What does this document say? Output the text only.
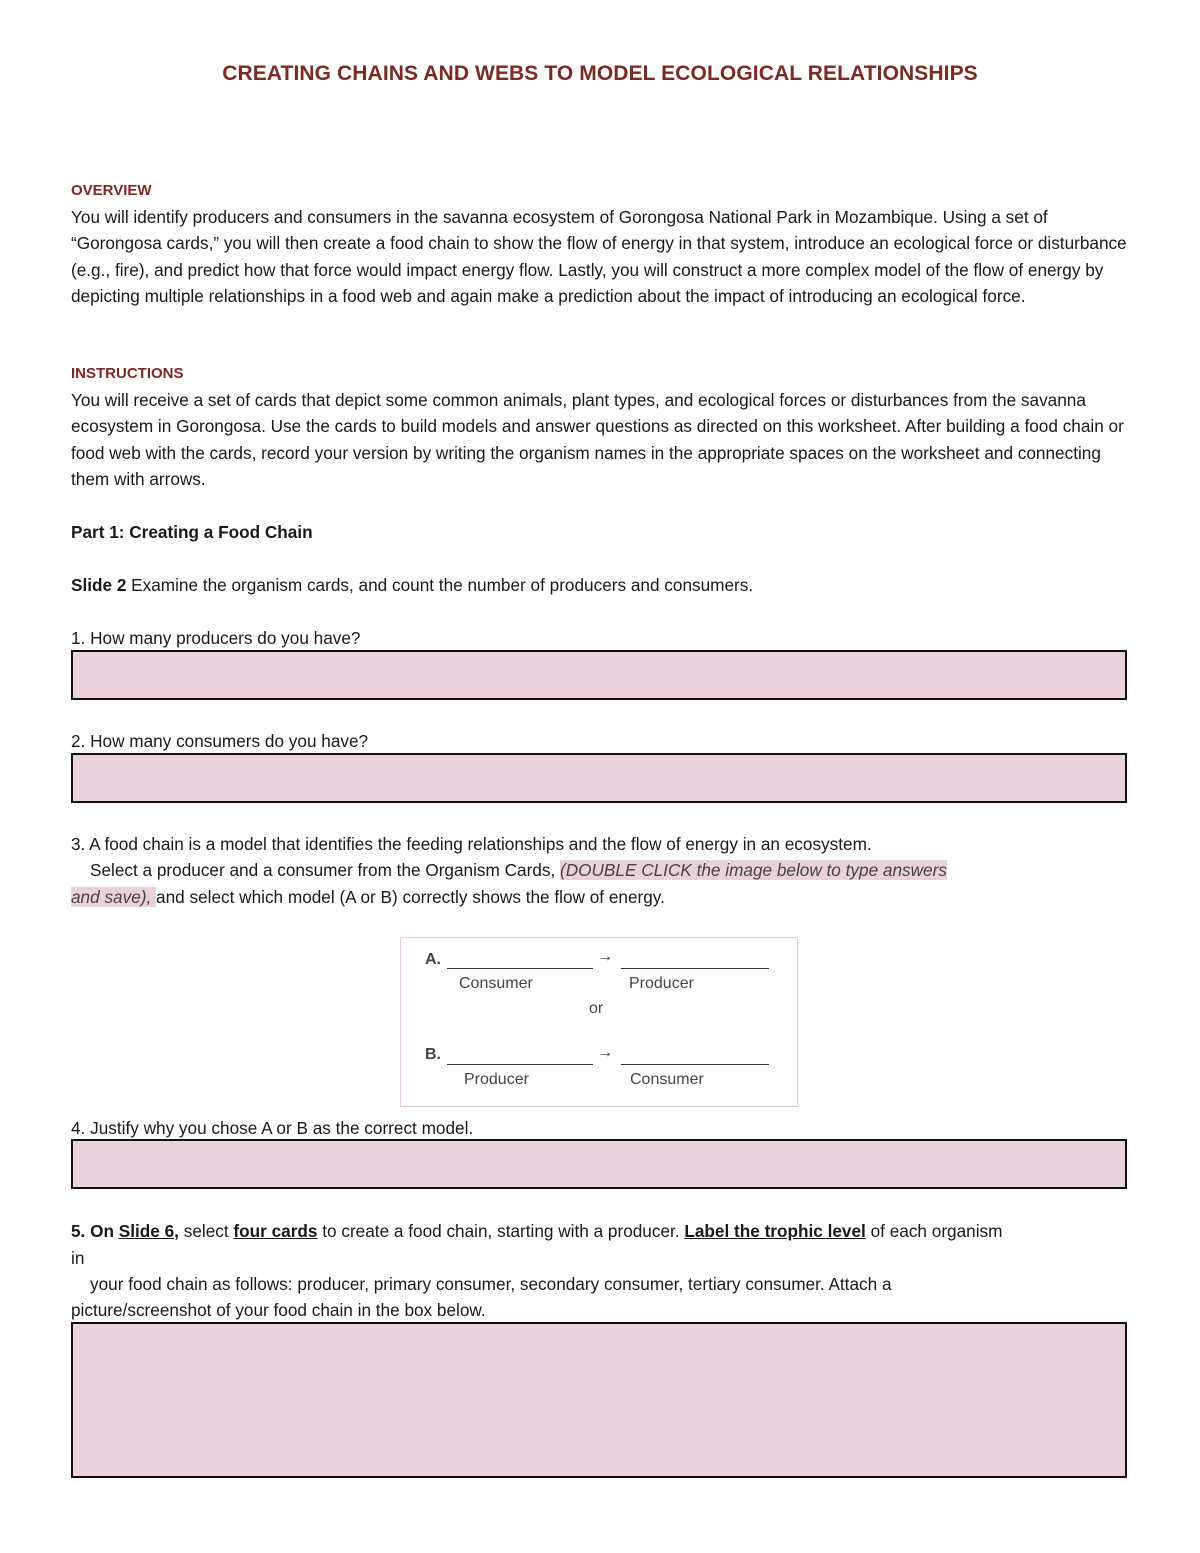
CREATING CHAINS AND WEBS TO MODEL ECOLOGICAL RELATIONSHIPS
OVERVIEW
You will identify producers and consumers in the savanna ecosystem of Gorongosa National Park in Mozambique. Using a set of “Gorongosa cards,” you will then create a food chain to show the flow of energy in that system, introduce an ecological force or disturbance (e.g., fire), and predict how that force would impact energy flow. Lastly, you will construct a more complex model of the flow of energy by depicting multiple relationships in a food web and again make a prediction about the impact of introducing an ecological force.
INSTRUCTIONS
You will receive a set of cards that depict some common animals, plant types, and ecological forces or disturbances from the savanna ecosystem in Gorongosa. Use the cards to build models and answer questions as directed on this worksheet. After building a food chain or food web with the cards, record your version by writing the organism names in the appropriate spaces on the worksheet and connecting them with arrows.
Part 1: Creating a Food Chain
Slide 2 Examine the organism cards, and count the number of producers and consumers.
1. How many producers do you have?
2. How many consumers do you have?
3. A food chain is a model that identifies the feeding relationships and the flow of energy in an ecosystem.
Select a producer and a consumer from the Organism Cards, (DOUBLE CLICK the image below to type answers
and save), and select which model (A or B) correctly shows the flow of energy.
A.	→
Consumer	Producer
or
B.	→
Producer	Consumer
4. Justify why you chose A or B as the correct model.
5. On Slide 6, select four cards to create a food chain, starting with a producer. Label the trophic level of each organism
in
your food chain as follows: producer, primary consumer, secondary consumer, tertiary consumer. Attach a
picture/screenshot of your food chain in the box below.
